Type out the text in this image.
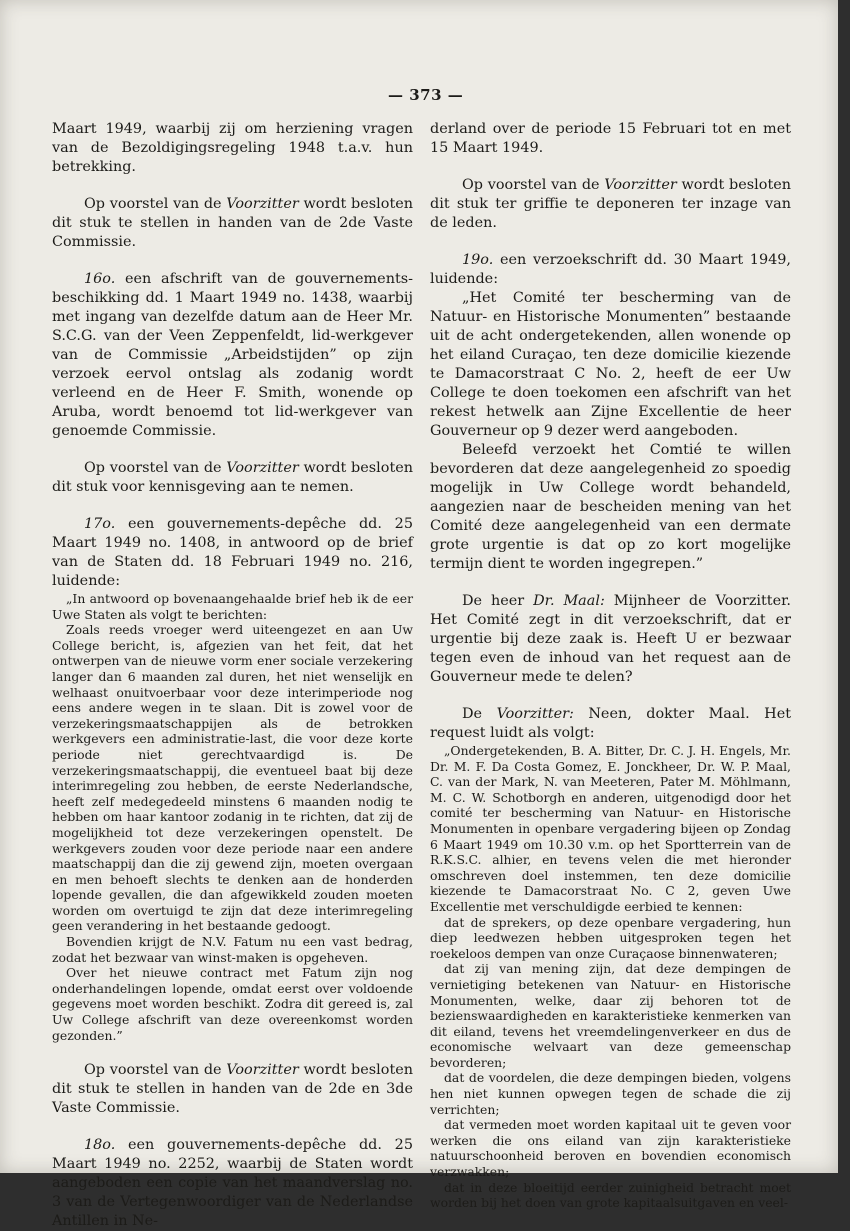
— 373 —

Maart 1949, waarbij zij om herziening vragen van de Bezoldigingsregeling 1948 t.a.v. hun betrekking.

Op voorstel van de Voorzitter wordt besloten dit stuk te stellen in handen van de 2de Vaste Commissie.

16o. een afschrift van de gouvernements-beschikking dd. 1 Maart 1949 no. 1438, waarbij met ingang van dezelfde datum aan de Heer Mr. S.C.G. van der Veen Zeppenfeldt, lid-werkgever van de Commissie „Arbeidstijden” op zijn verzoek eervol ontslag als zodanig wordt verleend en de Heer F. Smith, wonende op Aruba, wordt benoemd tot lid-werkgever van genoemde Commissie.

Op voorstel van de Voorzitter wordt besloten dit stuk voor kennisgeving aan te nemen.

17o. een gouvernements-depêche dd. 25 Maart 1949 no. 1408, in antwoord op de brief van de Staten dd. 18 Februari 1949 no. 216, luidende:

„In antwoord op bovenaangehaalde brief heb ik de eer Uwe Staten als volgt te berichten:

Zoals reeds vroeger werd uiteengezet en aan Uw College bericht, is, afgezien van het feit, dat het ontwerpen van de nieuwe vorm ener sociale verzekering langer dan 6 maanden zal duren, het niet wenselijk en welhaast onuitvoerbaar voor deze interimperiode nog eens andere wegen in te slaan. Dit is zowel voor de verzekeringsmaatschappijen als de betrokken werkgevers een administratie-last, die voor deze korte periode niet gerechtvaardigd is. De verzekeringsmaatschappij, die eventueel baat bij deze interimregeling zou hebben, de eerste Nederlandsche, heeft zelf medegedeeld minstens 6 maanden nodig te hebben om haar kantoor zodanig in te richten, dat zij de mogelijkheid tot deze verzekeringen openstelt. De werkgevers zouden voor deze periode naar een andere maatschappij dan die zij gewend zijn, moeten overgaan en men behoeft slechts te denken aan de honderden lopende gevallen, die dan afgewikkeld zouden moeten worden om overtuigd te zijn dat deze interimregeling geen verandering in het bestaande gedoogt.

Bovendien krijgt de N.V. Fatum nu een vast bedrag, zodat het bezwaar van winst-maken is opgeheven.

Over het nieuwe contract met Fatum zijn nog onderhandelingen lopende, omdat eerst over voldoende gegevens moet worden beschikt. Zodra dit gereed is, zal Uw College afschrift van deze overeenkomst worden gezonden.”

Op voorstel van de Voorzitter wordt besloten dit stuk te stellen in handen van de 2de en 3de Vaste Commissie.

18o. een gouvernements-depêche dd. 25 Maart 1949 no. 2252, waarbij de Staten wordt aangeboden een copie van het maandverslag no. 3 van de Vertegenwoordiger van de Nederlandse Antillen in Ne-

derland over de periode 15 Februari tot en met 15 Maart 1949.

Op voorstel van de Voorzitter wordt besloten dit stuk ter griffie te deponeren ter inzage van de leden.

19o. een verzoekschrift dd. 30 Maart 1949, luidende:

„Het Comité ter bescherming van de Natuur- en Historische Monumenten” bestaande uit de acht ondergetekenden, allen wonende op het eiland Curaçao, ten deze domicilie kiezende te Damacorstraat C No. 2, heeft de eer Uw College te doen toekomen een afschrift van het rekest hetwelk aan Zijne Excellentie de heer Gouverneur op 9 dezer werd aangeboden.

Beleefd verzoekt het Comtié te willen bevorderen dat deze aangelegenheid zo spoedig mogelijk in Uw College wordt behandeld, aangezien naar de bescheiden mening van het Comité deze aangelegenheid van een dermate grote urgentie is dat op zo kort mogelijke termijn dient te worden ingegrepen.”

De heer Dr. Maal: Mijnheer de Voorzitter. Het Comité zegt in dit verzoekschrift, dat er urgentie bij deze zaak is. Heeft U er bezwaar tegen even de inhoud van het request aan de Gouverneur mede te delen?

De Voorzitter: Neen, dokter Maal. Het request luidt als volgt:

„Ondergetekenden, B. A. Bitter, Dr. C. J. H. Engels, Mr. Dr. M. F. Da Costa Gomez, E. Jonckheer, Dr. W. P. Maal, C. van der Mark, N. van Meeteren, Pater M. Möhlmann, M. C. W. Schotborgh en anderen, uitgenodigd door het comité ter bescherming van Natuur- en Historische Monumenten in openbare vergadering bijeen op Zondag 6 Maart 1949 om 10.30 v.m. op het Sportterrein van de R.K.S.C. alhier, en tevens velen die met hieronder omschreven doel instemmen, ten deze domicilie kiezende te Damacorstraat No. C 2, geven Uwe Excellentie met verschuldigde eerbied te kennen:

dat de sprekers, op deze openbare vergadering, hun diep leedwezen hebben uitgesproken tegen het roekeloos dempen van onze Curaçaose binnenwateren;

dat zij van mening zijn, dat deze dempingen de vernietiging betekenen van Natuur- en Historische Monumenten, welke, daar zij behoren tot de bezienswaardigheden en karakteristieke kenmerken van dit eiland, tevens het vreemdelingenverkeer en dus de economische welvaart van deze gemeenschap bevorderen;

dat de voordelen, die deze dempingen bieden, volgens hen niet kunnen opwegen tegen de schade die zij verrichten;

dat vermeden moet worden kapitaal uit te geven voor werken die ons eiland van zijn karakteristieke natuurschoonheid beroven en bovendien economisch verzwakken;

dat in deze bloeitijd eerder zuinigheid betracht moet worden bij het doen van grote kapitaalsuitgaven en veel-
